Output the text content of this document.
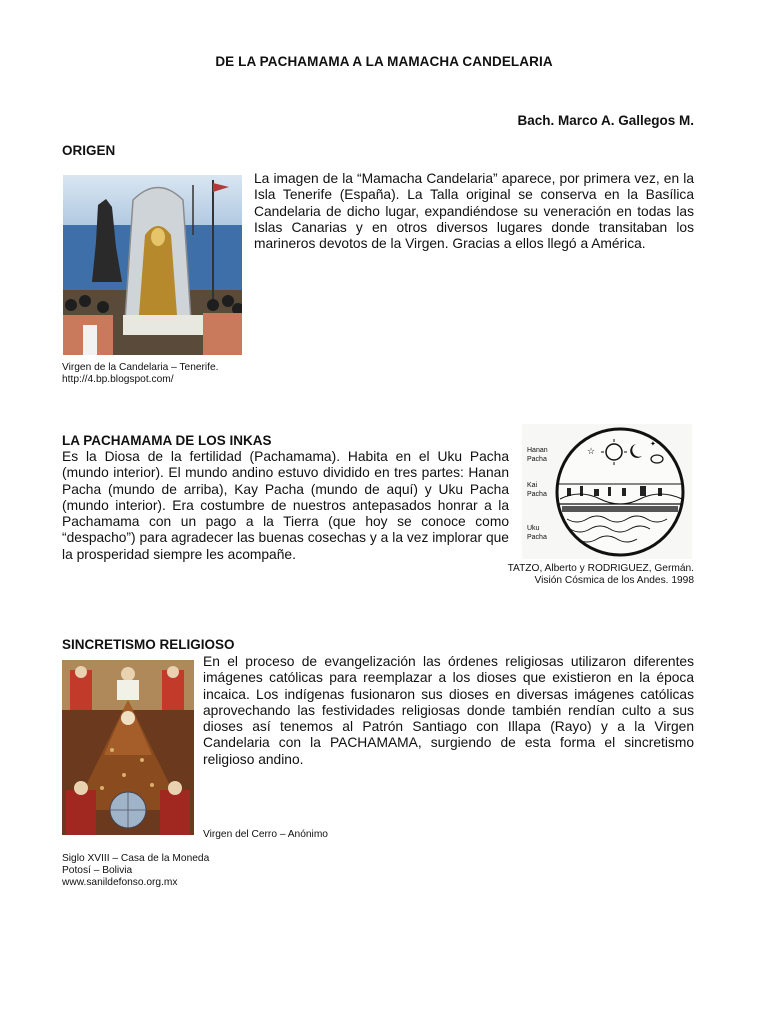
DE LA PACHAMAMA A LA MAMACHA CANDELARIA
Bach. Marco A. Gallegos M.
ORIGEN
La imagen de la “Mamacha Candelaria” aparece, por primera vez, en la Isla Tenerife (España). La Talla original se conserva en la Basílica Candelaria de dicho lugar, expandiéndose su veneración en todas las Islas Canarias y en otros diversos lugares donde transitaban los marineros devotos de la Virgen. Gracias a ellos llegó a América.
Virgen de la Candelaria – Tenerife.
http://4.bp.blogspot.com/
LA PACHAMAMA DE LOS INKAS
Es la Diosa de la fertilidad (Pachamama). Habita en el Uku Pacha (mundo interior). El mundo andino estuvo dividido en tres partes: Hanan Pacha (mundo de arriba), Kay Pacha (mundo de aquí) y Uku Pacha (mundo interior). Era costumbre de nuestros antepasados honrar a la Pachamama con un pago a la Tierra (que hoy se conoce como “despacho”) para agradecer las buenas cosechas y a la vez implorar que la prosperidad siempre les acompañe.
☆
✦
Hanan
Pacha
Kai
Pacha
Uku
Pacha
TATZO, Alberto y RODRIGUEZ, Germán.
Visión Cósmica de los Andes. 1998
SINCRETISMO RELIGIOSO
En el proceso de evangelización las órdenes religiosas utilizaron diferentes imágenes católicas para reemplazar a los dioses que existieron en la época incaica. Los indígenas fusionaron sus dioses en diversas imágenes católicas aprovechando las festividades religiosas donde también rendían culto a sus dioses así tenemos al Patrón Santiago con Illapa (Rayo) y a la Virgen Candelaria con la PACHAMAMA, surgiendo de esta forma el sincretismo religioso andino.
Virgen del Cerro – Anónimo
Siglo XVIII – Casa de la Moneda
Potosí – Bolivia
www.sanildefonso.org.mx
